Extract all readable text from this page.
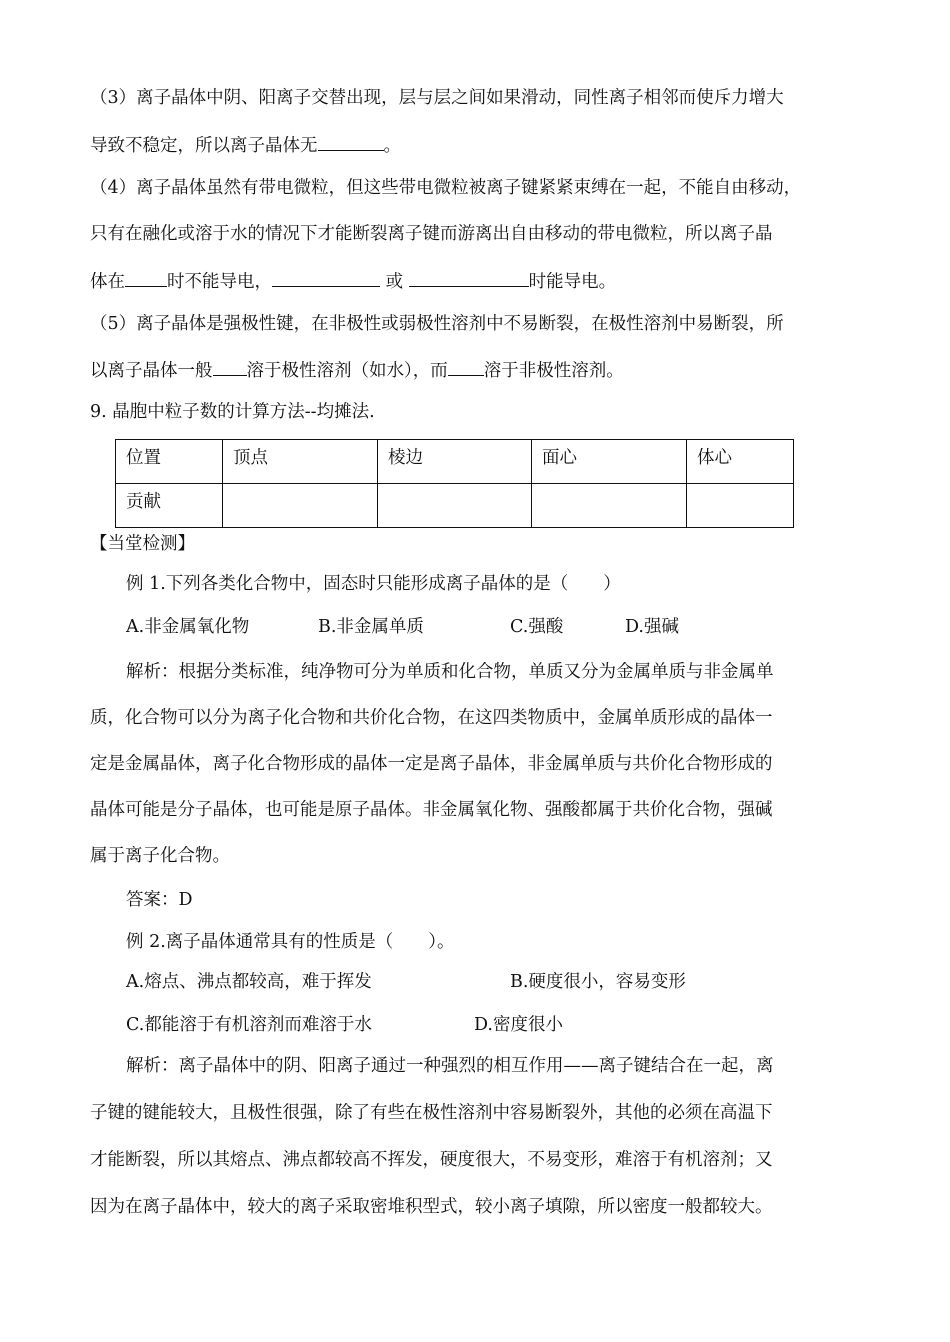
（3）离子晶体中阴、阳离子交替出现，层与层之间如果滑动，同性离子相邻而使斥力增大
导致不稳定，所以离子晶体无	。
（4）离子晶体虽然有带电微粒，但这些带电微粒被离子键紧紧束缚在一起，不能自由移动，
只有在融化或溶于水的情况下才能断裂离子键而游离出自由移动的带电微粒，所以离子晶
体在 时不能导电，	或	时能导电。
（5）离子晶体是强极性键，在非极性或弱极性溶剂中不易断裂，在极性溶剂中易断裂，所
以离子晶体一般 溶于极性溶剂（如水），而 溶于非极性溶剂。
9. 晶胞中粒子数的计算方法--均摊法.
位置	顶点	棱边	面心	体心
贡献				
【当堂检测】
例 1.下列各类化合物中，固态时只能形成离子晶体的是（　　）
A.非金属氧化物	B.非金属单质	C.强酸	D.强碱
解析：根据分类标准，纯净物可分为单质和化合物，单质又分为金属单质与非金属单
质，化合物可以分为离子化合物和共价化合物，在这四类物质中，金属单质形成的晶体一
定是金属晶体，离子化合物形成的晶体一定是离子晶体，非金属单质与共价化合物形成的
晶体可能是分子晶体，也可能是原子晶体。非金属氧化物、强酸都属于共价化合物，强碱
属于离子化合物。
答案：D
例 2.离子晶体通常具有的性质是（　　）。
A.熔点、沸点都较高，难于挥发	B.硬度很小，容易变形
C.都能溶于有机溶剂而难溶于水	D.密度很小
解析：离子晶体中的阴、阳离子通过一种强烈的相互作用——离子键结合在一起，离
子键的键能较大，且极性很强，除了有些在极性溶剂中容易断裂外，其他的必须在高温下
才能断裂，所以其熔点、沸点都较高不挥发，硬度很大，不易变形，难溶于有机溶剂；又
因为在离子晶体中，较大的离子采取密堆积型式，较小离子填隙，所以密度一般都较大。
